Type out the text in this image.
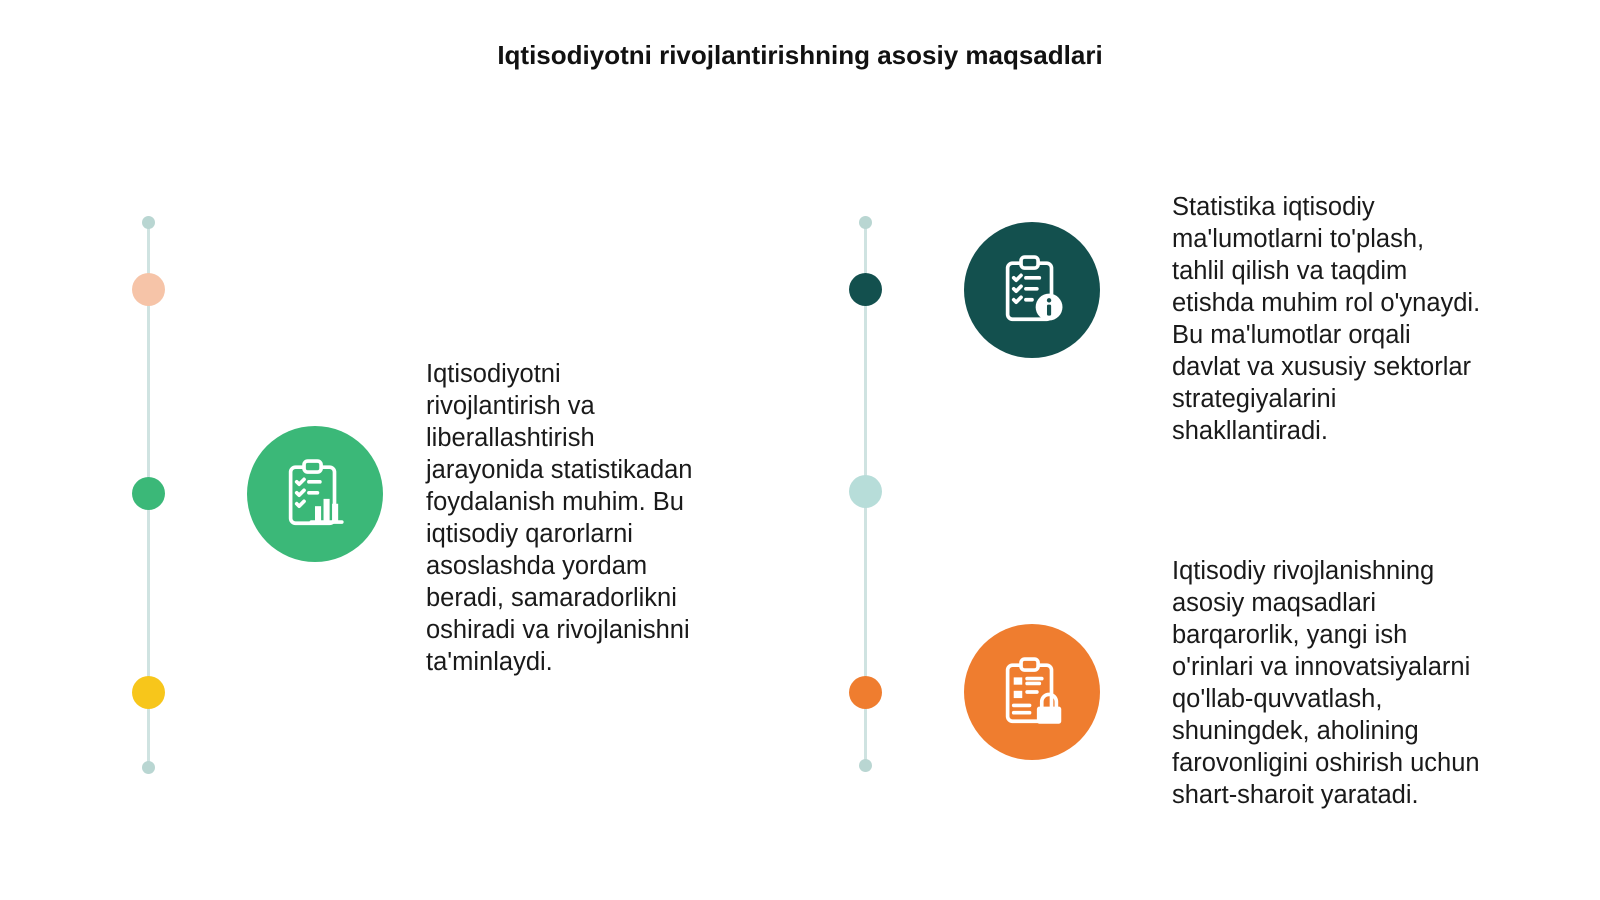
Iqtisodiyotni rivojlantirishning asosiy maqsadlari
Iqtisodiyotni
rivojlantirish va
liberallashtirish
jarayonida statistikadan
foydalanish muhim. Bu
iqtisodiy qarorlarni
asoslashda yordam
beradi, samaradorlikni
oshiradi va rivojlanishni
ta'minlaydi.
Statistika iqtisodiy
ma'lumotlarni to'plash,
tahlil qilish va taqdim
etishda muhim rol o'ynaydi.
Bu ma'lumotlar orqali
davlat va xususiy sektorlar
strategiyalarini
shakllantiradi.
Iqtisodiy rivojlanishning
asosiy maqsadlari
barqarorlik, yangi ish
o'rinlari va innovatsiyalarni
qo'llab-quvvatlash,
shuningdek, aholining
farovonligini oshirish uchun
shart-sharoit yaratadi.
